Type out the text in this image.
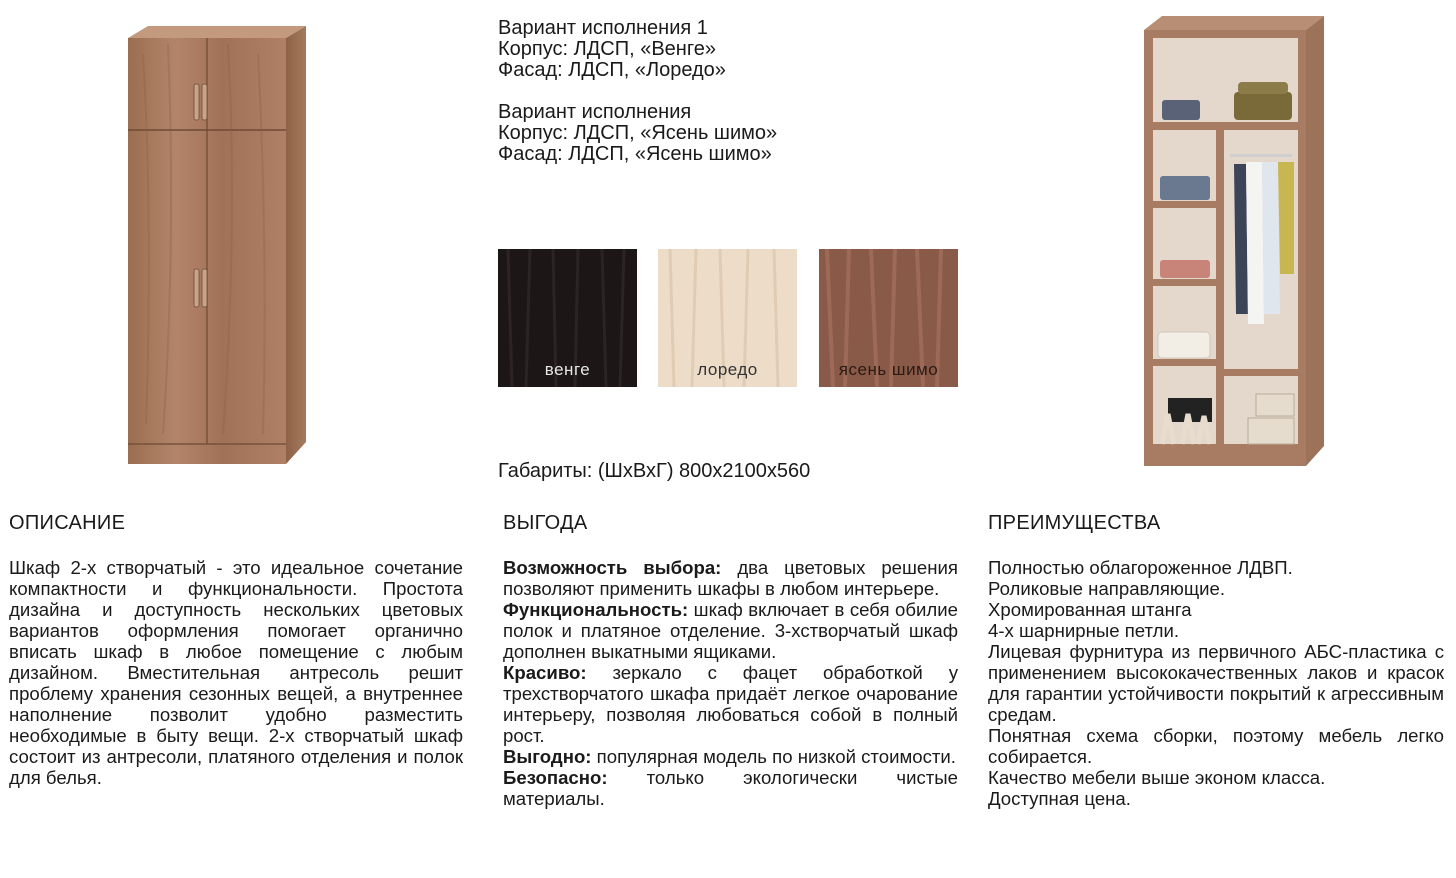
Вариант исполнения 1
Корпус: ЛДСП, «Венге»
Фасад: ЛДСП, «Лоредо»
Вариант исполнения
Корпус: ЛДСП, «Ясень шимо»
Фасад: ЛДСП, «Ясень шимо»
венге	лоредо	ясень шимо
Габариты: (ШхВхГ) 800x2100x560
ОПИСАНИЕ	ВЫГОДА	ПРЕИМУЩЕСТВА
Шкаф 2-х створчатый - это идеальное сочетание компактности и функциональности. Простота дизайна и доступность нескольких цветовых вариантов оформления помогает органично вписать шкаф в любое помещение с любым дизайном. Вместительная антресоль решит проблему хранения сезонных вещей, а внутреннее наполнение позволит удобно разместить необходимые в быту вещи. 2-х створчатый шкаф состоит из антресоли, платяного отделения и полок для белья.

Возможность выбора: два цветовых решения позволяют применить шкафы в любом интерьере.

Функциональность: шкаф включает в себя обилие полок и платяное отделение. 3-хстворчатый шкаф дополнен выкатными ящиками.

Красиво: зеркало с фацет обработкой у трехстворчатого шкафа придаёт легкое очарование интерьеру, позволяя любоваться собой в полный рост.

Выгодно: популярная модель по низкой стоимости.

Безопасно: только экологически чистые материалы.

Полностью облагороженное ЛДВП.
Роликовые направляющие.
Хромированная штанга
4-х шарнирные петли.
Лицевая фурнитура из первичного АБС-пластика с применением высококачественных лаков и красок для гарантии устойчивости покрытий к агрессивным средам.
Понятная схема сборки, поэтому мебель легко собирается.
Качество мебели выше эконом класса.
Доступная цена.
